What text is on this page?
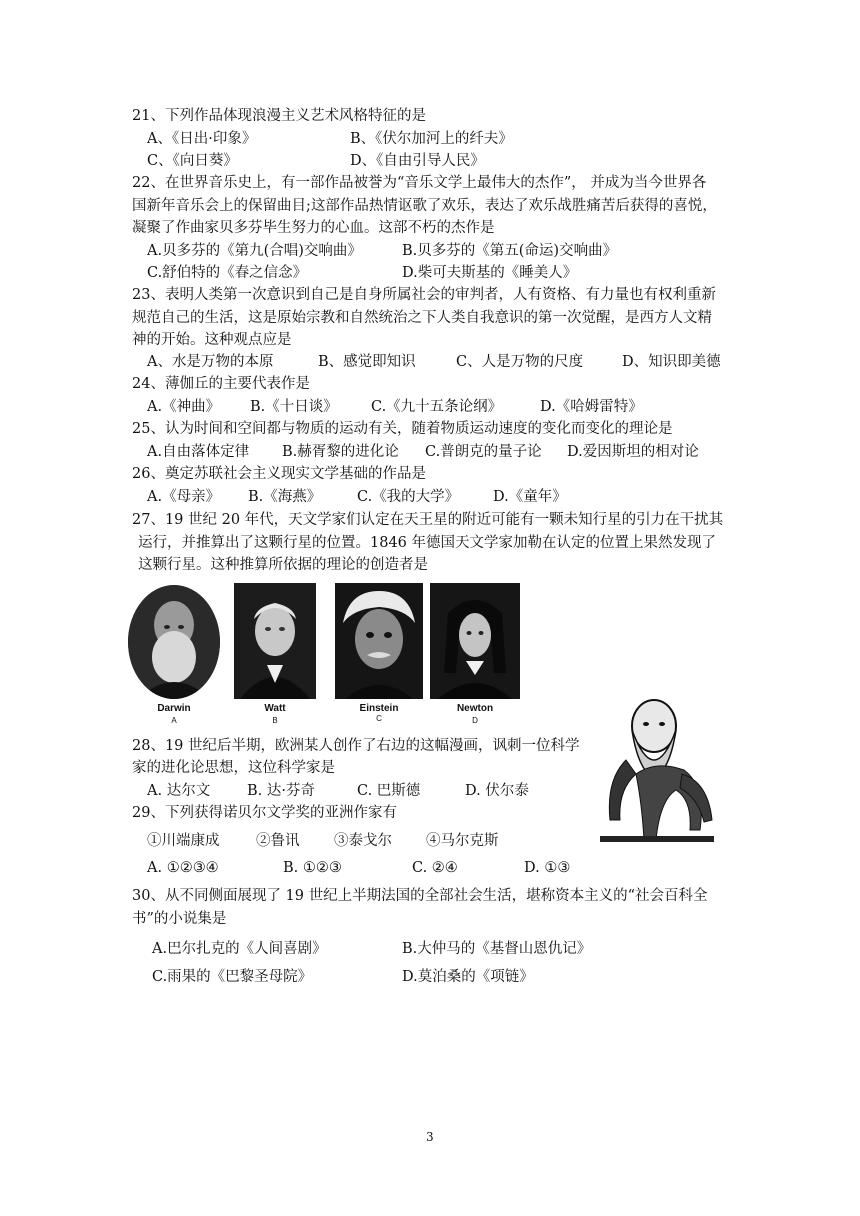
21、下列作品体现浪漫主义艺术风格特征的是
A、《日出·印象》	B、《伏尔加河上的纤夫》
C、《向日葵》	D、《自由引导人民》
22、在世界音乐史上，有一部作品被誉为“音乐文学上最伟大的杰作”， 并成为当今世界各
国新年音乐会上的保留曲目;这部作品热情讴歌了欢乐，表达了欢乐战胜痛苦后获得的喜悦，
凝聚了作曲家贝多芬毕生努力的心血。这部不朽的杰作是
A.贝多芬的《第九(合唱)交响曲》	B.贝多芬的《第五(命运)交响曲》
C.舒伯特的《春之信念》	D.柴可夫斯基的《睡美人》
23、表明人类第一次意识到自己是自身所属社会的审判者，人有资格、有力量也有权利重新
规范自己的生活，这是原始宗教和自然统治之下人类自我意识的第一次觉醒，是西方人文精
神的开始。这种观点应是
A、水是万物的本原	B、感觉即知识	C、人是万物的尺度	D、知识即美德
24、薄伽丘的主要代表作是
A.《神曲》 B.《十日谈》 C.《九十五条论纲》	D.《哈姆雷特》
25、认为时间和空间都与物质的运动有关，随着物质运动速度的变化而变化的理论是
A.自由落体定律 B.赫胥黎的进化论 C.普朗克的量子论 D.爱因斯坦的相对论
26、奠定苏联社会主义现实文学基础的作品是
A.《母亲》 B.《海燕》 C.《我的大学》 D.《童年》
27、19 世纪 20 年代，天文学家们认定在天王星的附近可能有一颗未知行星的引力在干扰其
运行，并推算出了这颗行星的位置。1846 年德国天文学家加勒在认定的位置上果然发现了
这颗行星。这种推算所依据的理论的创造者是
Darwin
A
Watt
B
Einstein
C
Newton
D
28、19 世纪后半期，欧洲某人创作了右边的这幅漫画，讽刺一位科学
家的进化论思想，这位科学家是
A. 达尔文	B. 达·芬奇	C. 巴斯德	D. 伏尔泰
29、下列获得诺贝尔文学奖的亚洲作家有
①川端康成	②鲁讯 ③泰戈尔 ④马尔克斯
A. ①②③④	B. ①②③	C. ②④	D. ①③
30、从不同侧面展现了 19 世纪上半期法国的全部社会生活，堪称资本主义的“社会百科全
书”的小说集是
A.巴尔扎克的《人间喜剧》	B.大仲马的《基督山恩仇记》
C.雨果的《巴黎圣母院》	D.莫泊桑的《项链》
3
